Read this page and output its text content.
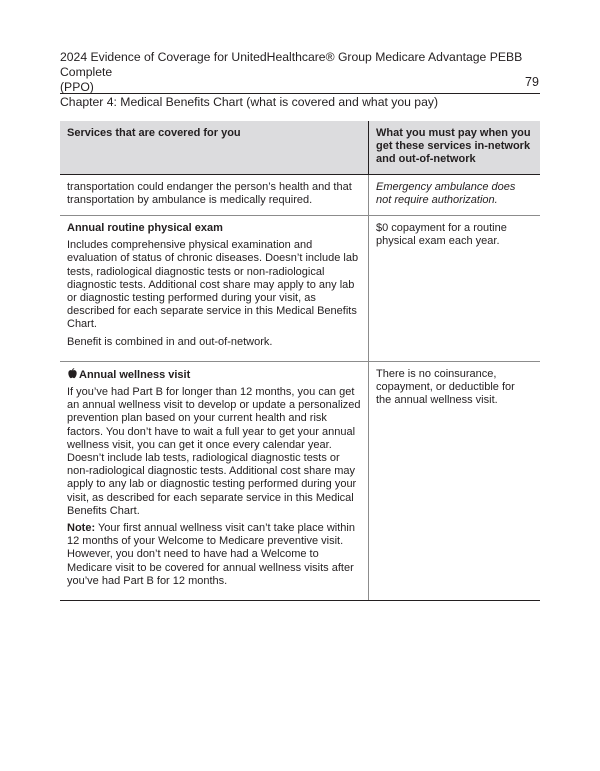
2024 Evidence of Coverage for UnitedHealthcare® Group Medicare Advantage PEBB Complete
(PPO)
Chapter 4: Medical Benefits Chart (what is covered and what you pay)
79
Services that are covered for you	What you must pay when you get these services in-network and out-of-network
transportation could endanger the person’s health and that transportation by ambulance is medically required.	Emergency ambulance does not require authorization.

Annual routine physical exam

Includes comprehensive physical examination and evaluation of status of chronic diseases. Doesn’t include lab tests, radiological diagnostic tests or non-radiological diagnostic tests. Additional cost share may apply to any lab or diagnostic testing performed during your visit, as described for each separate service in this Medical Benefits Chart.

Benefit is combined in and out-of-network.	$0 copayment for a routine physical exam each year.

Annual wellness visit

If you’ve had Part B for longer than 12 months, you can get an annual wellness visit to develop or update a personalized prevention plan based on your current health and risk factors. You don’t have to wait a full year to get your annual wellness visit, you can get it once every calendar year. Doesn’t include lab tests, radiological diagnostic tests or non-radiological diagnostic tests. Additional cost share may apply to any lab or diagnostic testing performed during your visit, as described for each separate service in this Medical Benefits Chart.

Note: Your first annual wellness visit can’t take place within 12 months of your Welcome to Medicare preventive visit. However, you don’t need to have had a Welcome to Medicare visit to be covered for annual wellness visits after you’ve had Part B for 12 months.	There is no coinsurance, copayment, or deductible for the annual wellness visit.
